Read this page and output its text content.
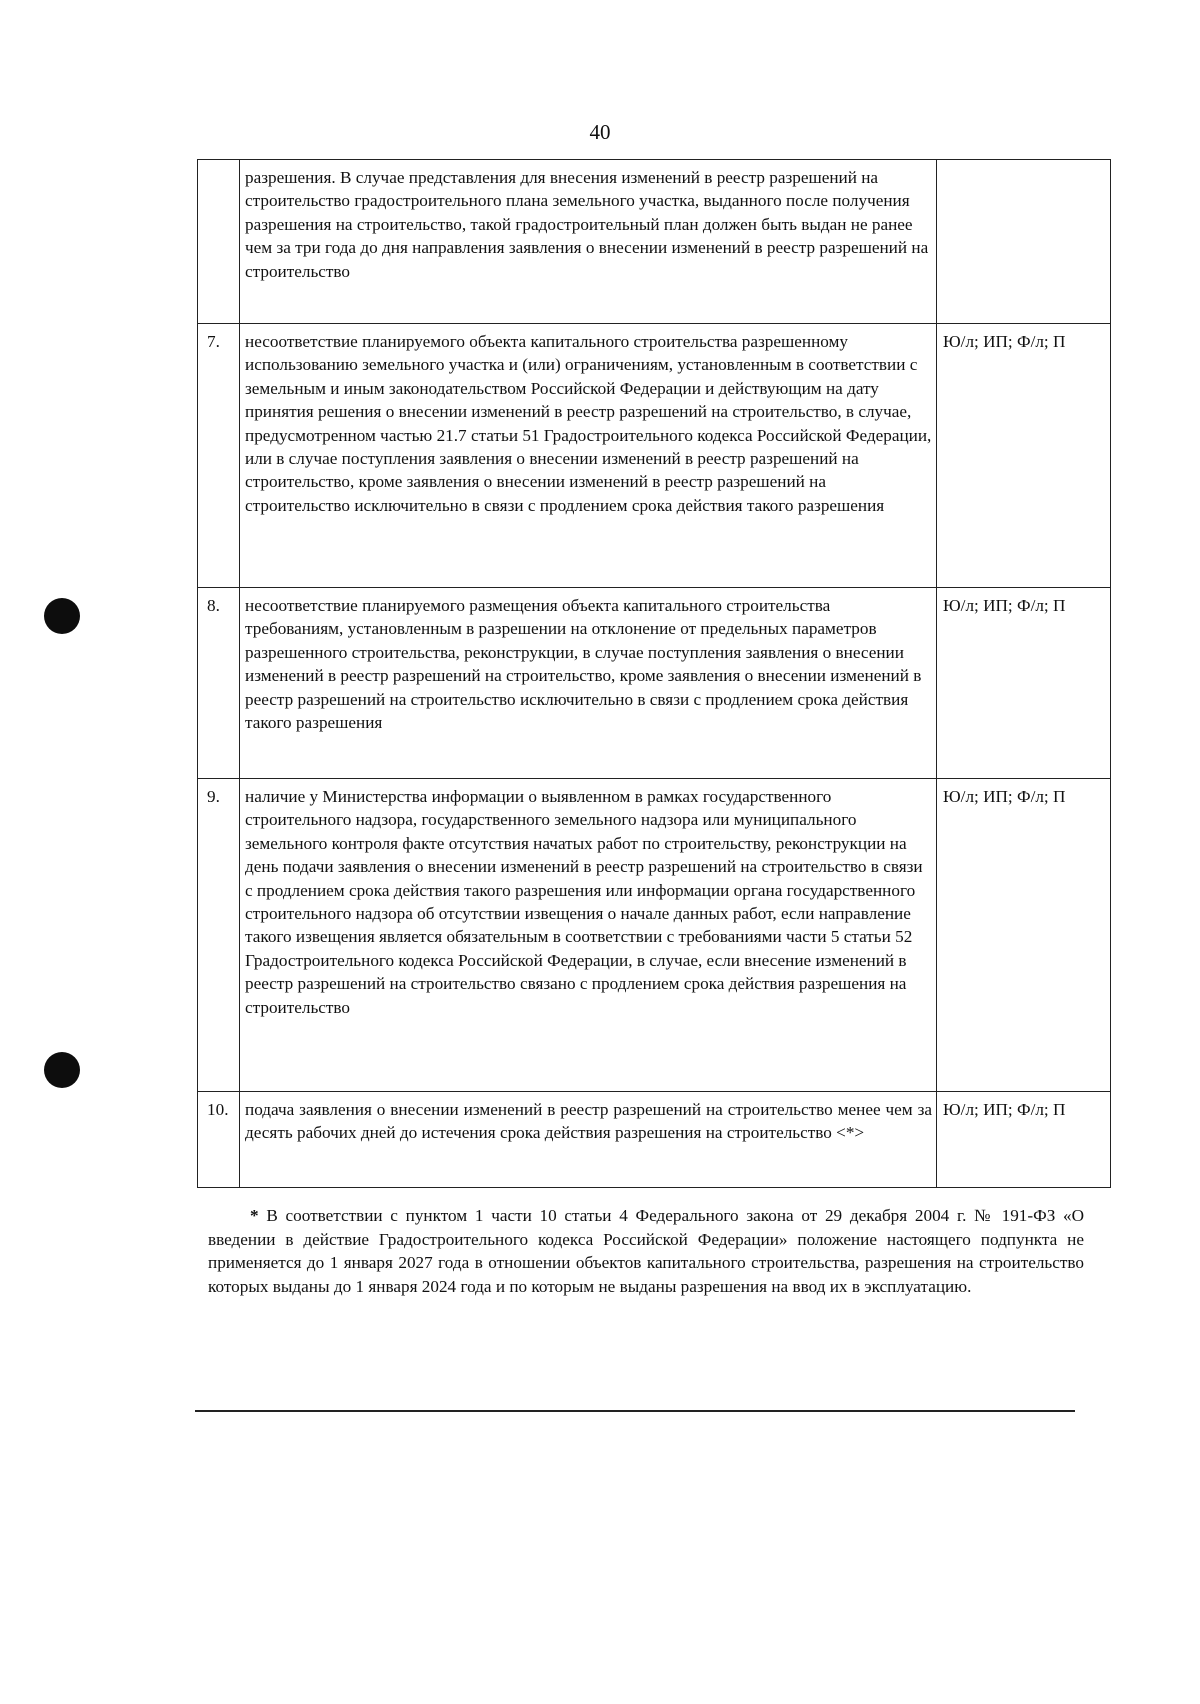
40
	разрешения. В случае представления для внесения изменений в реестр разрешений на строительство градостроительного плана земельного участка, выданного после получения разрешения на строительство, такой градостроительный план должен быть выдан не ранее чем за три года до дня направления заявления о внесении изменений в реестр разрешений на строительство	
7.	несоответствие планируемого объекта капитального строительства разрешенному использованию земельного участка и (или) ограничениям, установленным в соответствии с земельным и иным законодательством Российской Федерации и действующим на дату принятия решения о внесении изменений в реестр разрешений на строительство, в случае, предусмотренном частью 21.7 статьи 51 Градостроительного кодекса Российской Федерации, или в случае поступления заявления о внесении изменений в реестр разрешений на строительство, кроме заявления о внесении изменений в реестр разрешений на строительство исключительно в связи с продлением срока действия такого разрешения	Ю/л; ИП; Ф/л; П
8.	несоответствие планируемого размещения объекта капитального строительства требованиям, установленным в разрешении на отклонение от предельных параметров разрешенного строительства, реконструкции, в случае поступления заявления о внесении изменений в реестр разрешений на строительство, кроме заявления о внесении изменений в реестр разрешений на строительство исключительно в связи с продлением срока действия такого разрешения	Ю/л; ИП; Ф/л; П
9.	наличие у Министерства информации о выявленном в рамках государственного строительного надзора, государственного земельного надзора или муниципального земельного контроля факте отсутствия начатых работ по строительству, реконструкции на день подачи заявления о внесении изменений в реестр разрешений на строительство в связи с продлением срока действия такого разрешения или информации органа государственного строительного надзора об отсутствии извещения о начале данных работ, если направление такого извещения является обязательным в соответствии с требованиями части 5 статьи 52 Градостроительного кодекса Российской Федерации, в случае, если внесение изменений в реестр разрешений на строительство связано с продлением срока действия разрешения на строительство	Ю/л; ИП; Ф/л; П
10.	подача заявления о внесении изменений в реестр разрешений на строительство менее чем за десять рабочих дней до истечения срока действия разрешения на строительство <*>	Ю/л; ИП; Ф/л; П
* В соответствии с пунктом 1 части 10 статьи 4 Федерального закона от 29 декабря 2004 г. № 191-ФЗ «О введении в действие Градостроительного кодекса Российской Федерации» положение настоящего подпункта не применяется до 1 января 2027 года в отношении объектов капитального строительства, разрешения на строительство которых выданы до 1 января 2024 года и по которым не выданы разрешения на ввод их в эксплуатацию.
